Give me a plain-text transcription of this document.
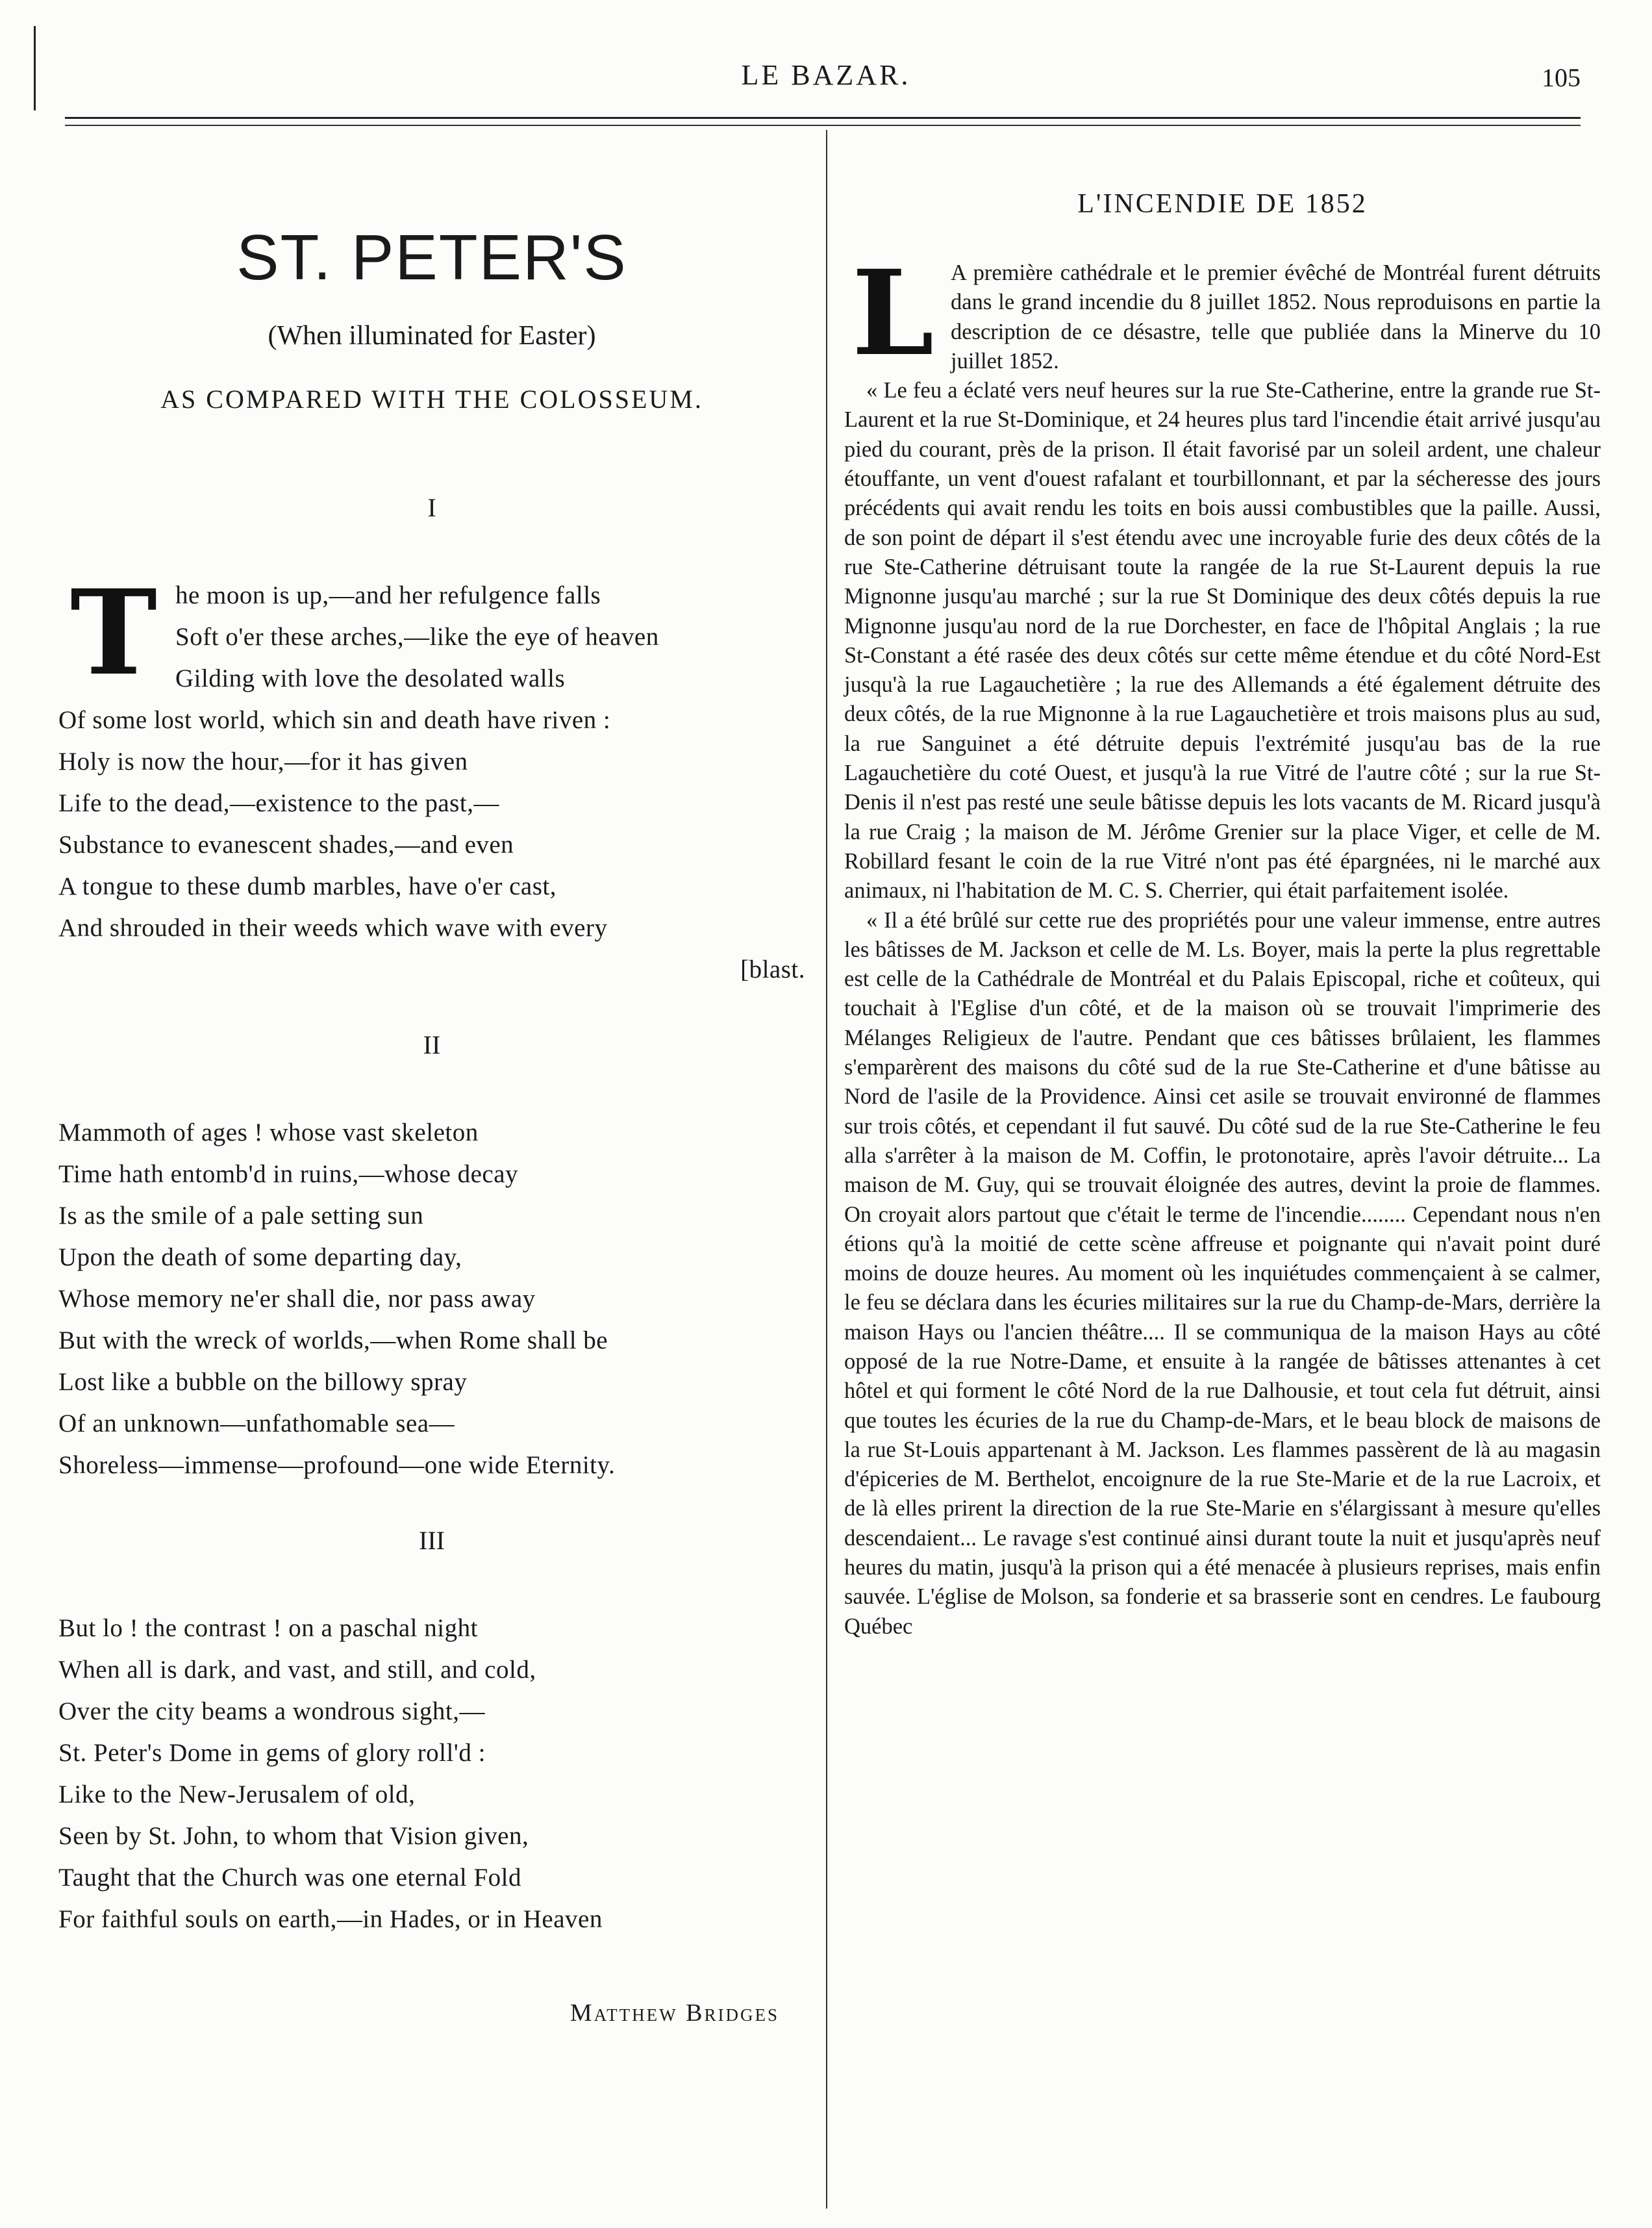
LE BAZAR.	105
ST. PETER'S
(When illuminated for Easter)
AS COMPARED WITH THE COLOSSEUM.
I
T he moon is up,—and her refulgence falls
Soft o'er these arches,—like the eye of heaven
Gilding with love the desolated walls
Of some lost world, which sin and death have riven :
Holy is now the hour,—for it has given
Life to the dead,—existence to the past,—
Substance to evanescent shades,—and even
A tongue to these dumb marbles, have o'er cast,
And shrouded in their weeds which wave with every
[blast.
II
Mammoth of ages ! whose vast skeleton
Time hath entomb'd in ruins,—whose decay
Is as the smile of a pale setting sun
Upon the death of some departing day,
Whose memory ne'er shall die, nor pass away
But with the wreck of worlds,—when Rome shall be
Lost like a bubble on the billowy spray
Of an unknown—unfathomable sea—
Shoreless—immense—profound—one wide Eternity.
III
But lo ! the contrast ! on a paschal night
When all is dark, and vast, and still, and cold,
Over the city beams a wondrous sight,—
St. Peter's Dome in gems of glory roll'd :
Like to the New-Jerusalem of old,
Seen by St. John, to whom that Vision given,
Taught that the Church was one eternal Fold
For faithful souls on earth,—in Hades, or in Heaven
Matthew Bridges
L'INCENDIE DE 1852

L A première cathédrale et le premier évêché de Montréal furent détruits dans le grand incendie du 8 juillet 1852. Nous reproduisons en partie la description de ce désastre, telle que publiée dans la Minerve du 10 juillet 1852.

« Le feu a éclaté vers neuf heures sur la rue Ste-Catherine, entre la grande rue St-Laurent et la rue St-Dominique, et 24 heures plus tard l'incendie était arrivé jusqu'au pied du courant, près de la prison. Il était favorisé par un soleil ardent, une chaleur étouffante, un vent d'ouest rafalant et tourbillonnant, et par la sécheresse des jours précédents qui avait rendu les toits en bois aussi combustibles que la paille. Aussi, de son point de départ il s'est étendu avec une incroyable furie des deux côtés de la rue Ste-Catherine détruisant toute la rangée de la rue St-Laurent depuis la rue Mignonne jusqu'au marché ; sur la rue St Dominique des deux côtés depuis la rue Mignonne jusqu'au nord de la rue Dorchester, en face de l'hôpital Anglais ; la rue St-Constant a été rasée des deux côtés sur cette même étendue et du côté Nord-Est jusqu'à la rue Lagauchetière ; la rue des Allemands a été également détruite des deux côtés, de la rue Mignonne à la rue Lagauchetière et trois maisons plus au sud, la rue Sanguinet a été détruite depuis l'extrémité jusqu'au bas de la rue Lagauchetière du coté Ouest, et jusqu'à la rue Vitré de l'autre côté ; sur la rue St-Denis il n'est pas resté une seule bâtisse depuis les lots vacants de M. Ricard jusqu'à la rue Craig ; la maison de M. Jérôme Grenier sur la place Viger, et celle de M. Robillard fesant le coin de la rue Vitré n'ont pas été épargnées, ni le marché aux animaux, ni l'habitation de M. C. S. Cherrier, qui était parfaitement isolée.

« Il a été brûlé sur cette rue des propriétés pour une valeur immense, entre autres les bâtisses de M. Jackson et celle de M. Ls. Boyer, mais la perte la plus regrettable est celle de la Cathédrale de Montréal et du Palais Episcopal, riche et coûteux, qui touchait à l'Eglise d'un côté, et de la maison où se trouvait l'imprimerie des Mélanges Religieux de l'autre. Pendant que ces bâtisses brûlaient, les flammes s'emparèrent des maisons du côté sud de la rue Ste-Catherine et d'une bâtisse au Nord de l'asile de la Providence. Ainsi cet asile se trouvait environné de flammes sur trois côtés, et cependant il fut sauvé. Du côté sud de la rue Ste-Catherine le feu alla s'arrêter à la maison de M. Coffin, le protonotaire, après l'avoir détruite... La maison de M. Guy, qui se trouvait éloignée des autres, devint la proie de flammes. On croyait alors partout que c'était le terme de l'incendie........ Cependant nous n'en étions qu'à la moitié de cette scène affreuse et poignante qui n'avait point duré moins de douze heures. Au moment où les inquiétudes commençaient à se calmer, le feu se déclara dans les écuries militaires sur la rue du Champ-de-Mars, derrière la maison Hays ou l'ancien théâtre.... Il se communiqua de la maison Hays au côté opposé de la rue Notre-Dame, et ensuite à la rangée de bâtisses attenantes à cet hôtel et qui forment le côté Nord de la rue Dalhousie, et tout cela fut détruit, ainsi que toutes les écuries de la rue du Champ-de-Mars, et le beau block de maisons de la rue St-Louis appartenant à M. Jackson. Les flammes passèrent de là au magasin d'épiceries de M. Berthelot, encoignure de la rue Ste-Marie et de la rue Lacroix, et de là elles prirent la direction de la rue Ste-Marie en s'élargissant à mesure qu'elles descendaient... Le ravage s'est continué ainsi durant toute la nuit et jusqu'après neuf heures du matin, jusqu'à la prison qui a été menacée à plusieurs reprises, mais enfin sauvée. L'église de Molson, sa fonderie et sa brasserie sont en cendres. Le faubourg Québec
